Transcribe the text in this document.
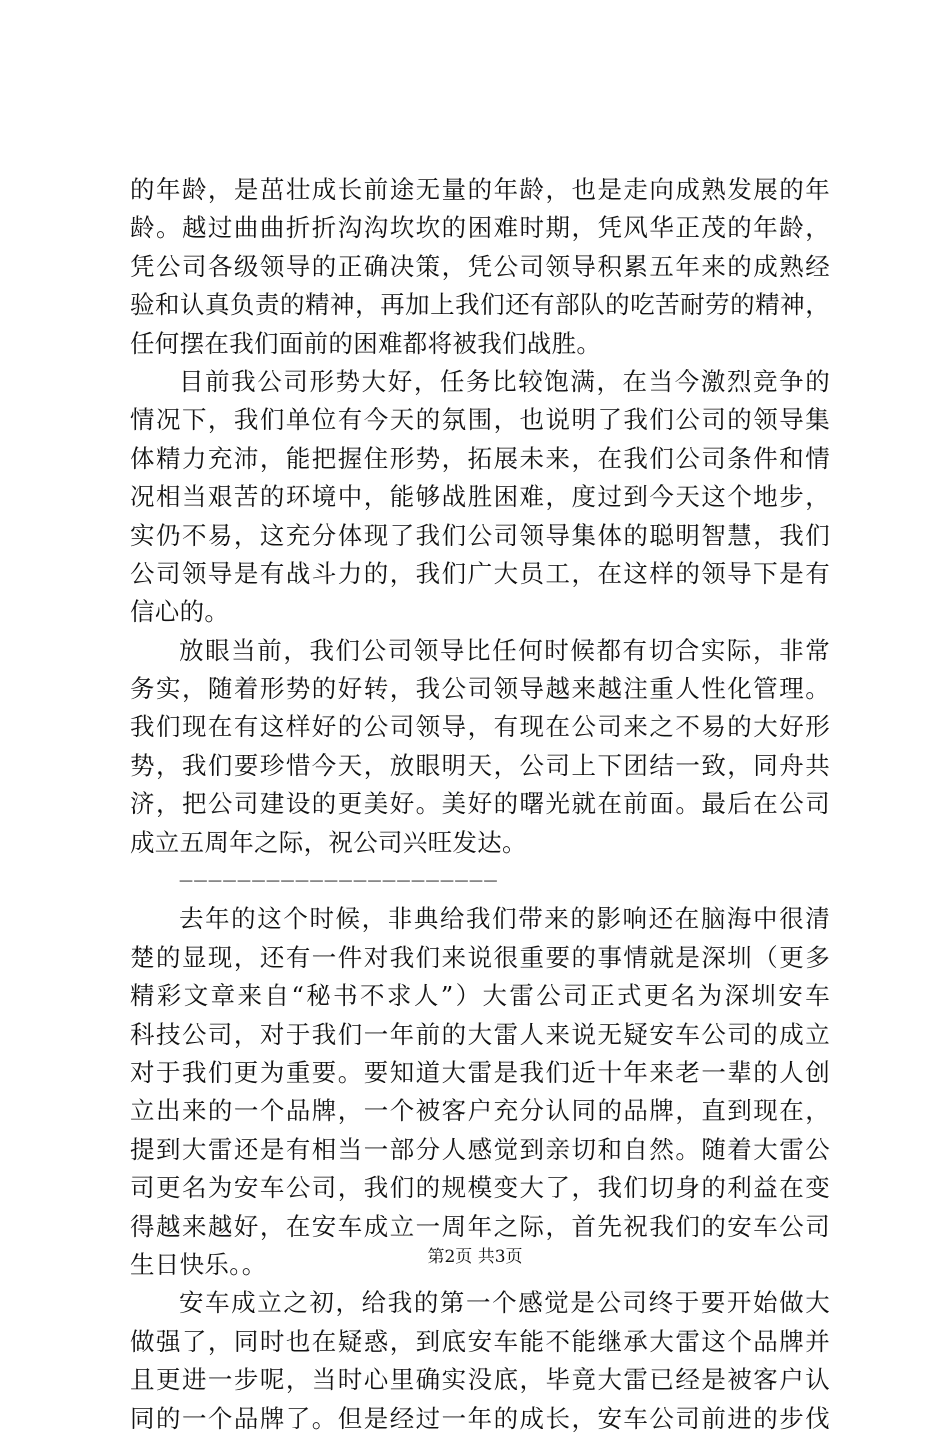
的年龄，是茁壮成长前途无量的年龄，也是走向成熟发展的年
龄。越过曲曲折折沟沟坎坎的困难时期，凭风华正茂的年龄，
凭公司各级领导的正确决策，凭公司领导积累五年来的成熟经
验和认真负责的精神，再加上我们还有部队的吃苦耐劳的精神，
任何摆在我们面前的困难都将被我们战胜。
目前我公司形势大好，任务比较饱满，在当今激烈竞争的
情况下，我们单位有今天的氛围，也说明了我们公司的领导集
体精力充沛，能把握住形势，拓展未来，在我们公司条件和情
况相当艰苦的环境中，能够战胜困难，度过到今天这个地步，
实仍不易，这充分体现了我们公司领导集体的聪明智慧，我们
公司领导是有战斗力的，我们广大员工，在这样的领导下是有
信心的。
放眼当前，我们公司领导比任何时候都有切合实际，非常
务实，随着形势的好转，我公司领导越来越注重人性化管理。
我们现在有这样好的公司领导，有现在公司来之不易的大好形
势，我们要珍惜今天，放眼明天，公司上下团结一致，同舟共
济，把公司建设的更美好。美好的曙光就在前面。最后在公司
成立五周年之际，祝公司兴旺发达。
——————————————————————
去年的这个时候，非典给我们带来的影响还在脑海中很清
楚的显现，还有一件对我们来说很重要的事情就是深圳（更多
精彩文章来自“秘书不求人”）大雷公司正式更名为深圳安车
科技公司，对于我们一年前的大雷人来说无疑安车公司的成立
对于我们更为重要。要知道大雷是我们近十年来老一辈的人创
立出来的一个品牌，一个被客户充分认同的品牌，直到现在，
提到大雷还是有相当一部分人感觉到亲切和自然。随着大雷公
司更名为安车公司，我们的规模变大了，我们切身的利益在变
得越来越好，在安车成立一周年之际，首先祝我们的安车公司
生日快乐。。
安车成立之初，给我的第一个感觉是公司终于要开始做大
做强了，同时也在疑惑，到底安车能不能继承大雷这个品牌并
且更进一步呢，当时心里确实没底，毕竟大雷已经是被客户认
同的一个品牌了。但是经过一年的成长，安车公司前进的步伐
第2页 共3页
